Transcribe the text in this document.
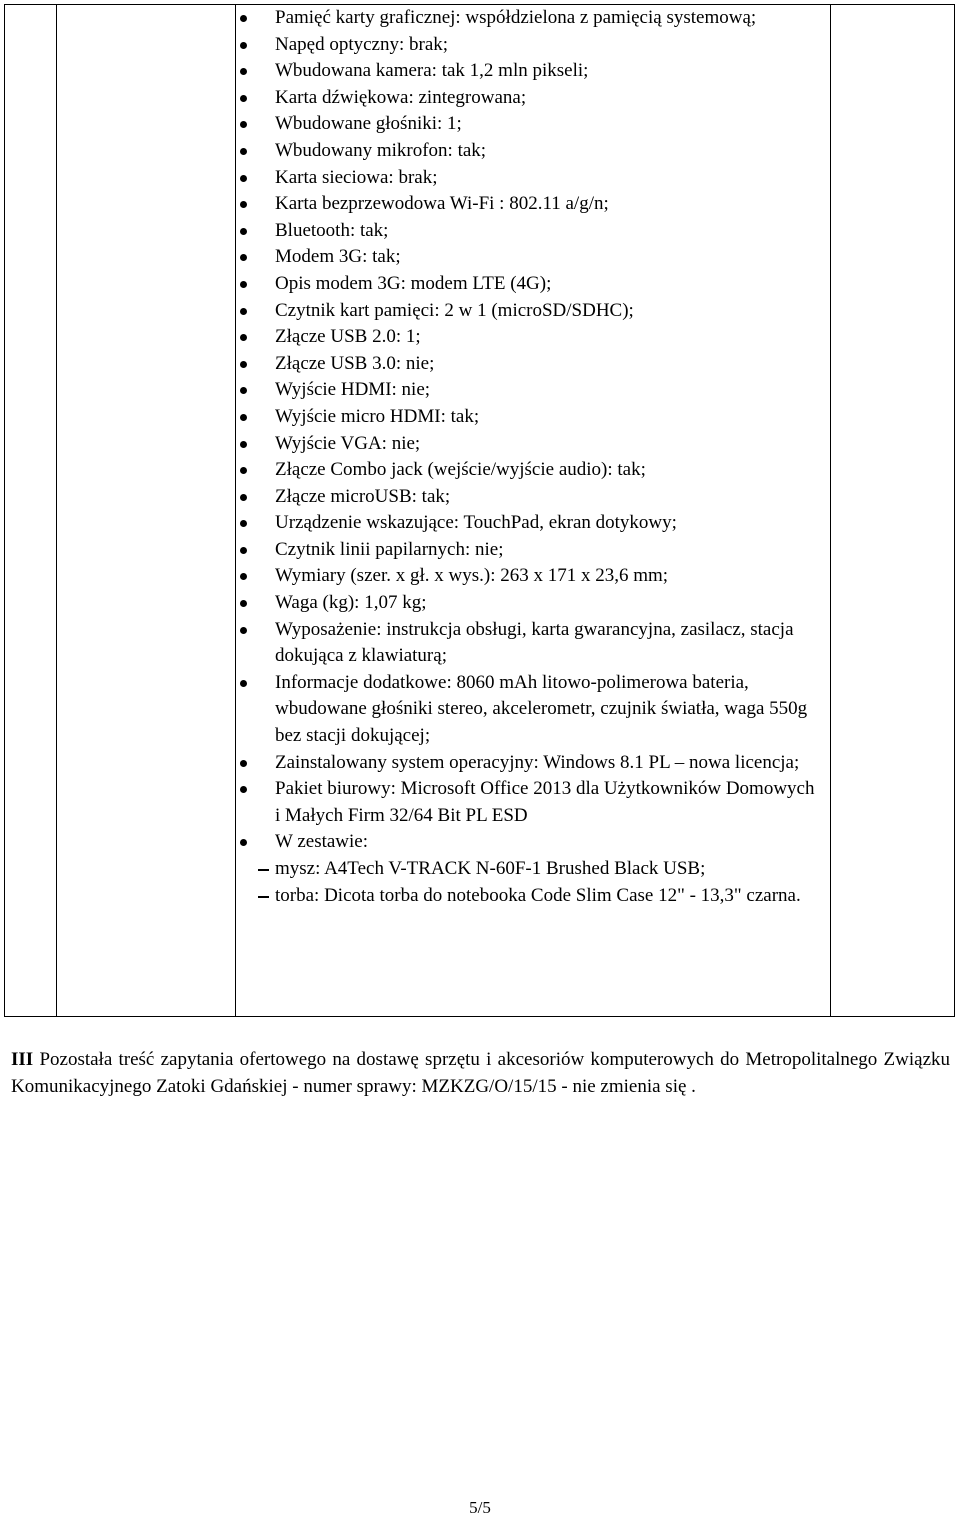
Pamięć karty graficznej: współdzielona z pamięcią systemową;
Napęd optyczny: brak;
Wbudowana kamera: tak 1,2 mln pikseli;
Karta dźwiękowa: zintegrowana;
Wbudowane głośniki: 1;
Wbudowany mikrofon: tak;
Karta sieciowa: brak;
Karta bezprzewodowa Wi-Fi : 802.11 a/g/n;
Bluetooth: tak;
Modem 3G: tak;
Opis modem 3G: modem LTE (4G);
Czytnik kart pamięci: 2 w 1 (microSD/SDHC);
Złącze USB 2.0: 1;
Złącze USB 3.0: nie;
Wyjście HDMI: nie;
Wyjście micro HDMI: tak;
Wyjście VGA: nie;
Złącze Combo jack (wejście/wyjście audio): tak;
Złącze microUSB: tak;
Urządzenie wskazujące: TouchPad, ekran dotykowy;
Czytnik linii papilarnych: nie;
Wymiary (szer. x gł. x wys.): 263 x 171 x 23,6 mm;
Waga (kg): 1,07 kg;
Wyposażenie: instrukcja obsługi, karta gwarancyjna, zasilacz, stacja dokująca z klawiaturą;
Informacje dodatkowe: 8060 mAh litowo-polimerowa bateria, wbudowane głośniki stereo, akcelerometr, czujnik światła, waga 550g bez stacji dokującej;
Zainstalowany system operacyjny: Windows 8.1 PL – nowa licencja;
Pakiet biurowy: Microsoft Office 2013 dla Użytkowników Domowych i Małych Firm 32/64 Bit PL ESD
W zestawie:
mysz: A4Tech V-TRACK N-60F-1 Brushed Black USB;
torba: Dicota torba do notebooka Code Slim Case 12" - 13,3" czarna.

III Pozostała treść zapytania ofertowego na dostawę sprzętu i akcesoriów komputerowych do Metropolitalnego Związku Komunikacyjnego Zatoki Gdańskiej - numer sprawy: MZKZG/O/15/15 - nie zmienia się .

5/5
